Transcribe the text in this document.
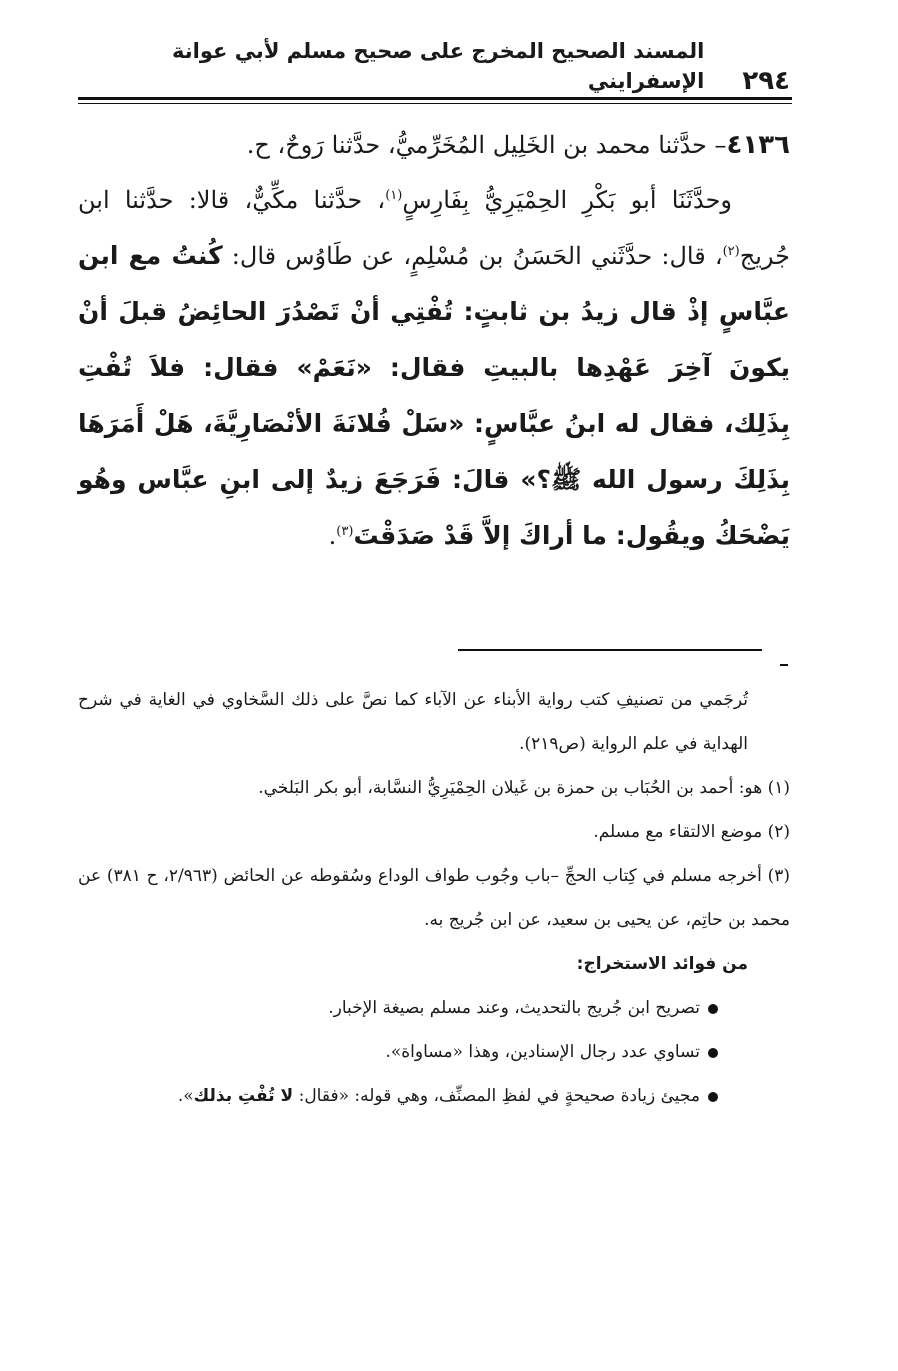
٢٩٤
المسند الصحيح المخرج على صحيح مسلم لأبي عوانة الإسفرايني

٤١٣٦– حدَّثنا محمد بن الخَلِيل المُخَرِّميُّ، حدَّثنا رَوحٌ، ح.

وحدَّثَنَا أبو بَكْرِ الحِمْيَرِيُّ بِفَارِسٍ$^{(١)}$، حدَّثنا مكِّيٌّ، قالا: حدَّثنا ابن جُريج$^{(٢)}$، قال: حدَّثَني الحَسَنُ بن مُسْلِمٍ، عن طَاوُس قال: كُنتُ مع ابن عبَّاسٍ إذْ قال زيدُ بن ثابتٍ: تُفْتِي أنْ تَصْدُرَ الحائِضُ قبلَ أنْ يكونَ آخِرَ عَهْدِها بالبيتِ فقال: «نَعَمْ» فقال: فلاَ تُفْتِ بِذَلِك، فقال له ابنُ عبَّاسٍ: «سَلْ فُلانَةَ الأنْصَارِيَّةَ، هَلْ أَمَرَهَا بِذَلِكَ رسول الله ﷺ؟» قالَ: فَرَجَعَ زيدٌ إلى ابنِ عبَّاس وهُو يَضْحَكُ ويقُول: ما أراكَ إلاَّ قَدْ صَدَقْتَ$^{(٣)}$.

تُرجَمي من تصنيفِ كتب رواية الأبناء عن الآباء كما نصَّ على ذلك السَّخاوي في الغاية في شرح الهداية في علم الرواية (ص٢١٩).

(١) هو: أحمد بن الحُبَاب بن حمزة بن غَيلان الحِمْيَرِيُّ النسَّابة، أبو بكر البَلخي.

(٢) موضع الالتقاء مع مسلم.

(٣) أخرجه مسلم في كِتاب الحجِّ –باب وجُوب طواف الوداع وسُقوطه عن الحائض (٢/٩٦٣، ح ٣٨١) عن محمد بن حاتِم، عن يحيى بن سعيد، عن ابن جُريج به.

من فوائد الاستخراج:

تصريح ابن جُريج بالتحديث، وعند مسلم بصيغة الإخبار.

تساوي عدد رجال الإسنادين، وهذا «مساواة».

مجيئ زيادة صحيحةٍ في لفظِ المصنِّف، وهي قوله: «فقال: لا تُفْتِ بذلك».
